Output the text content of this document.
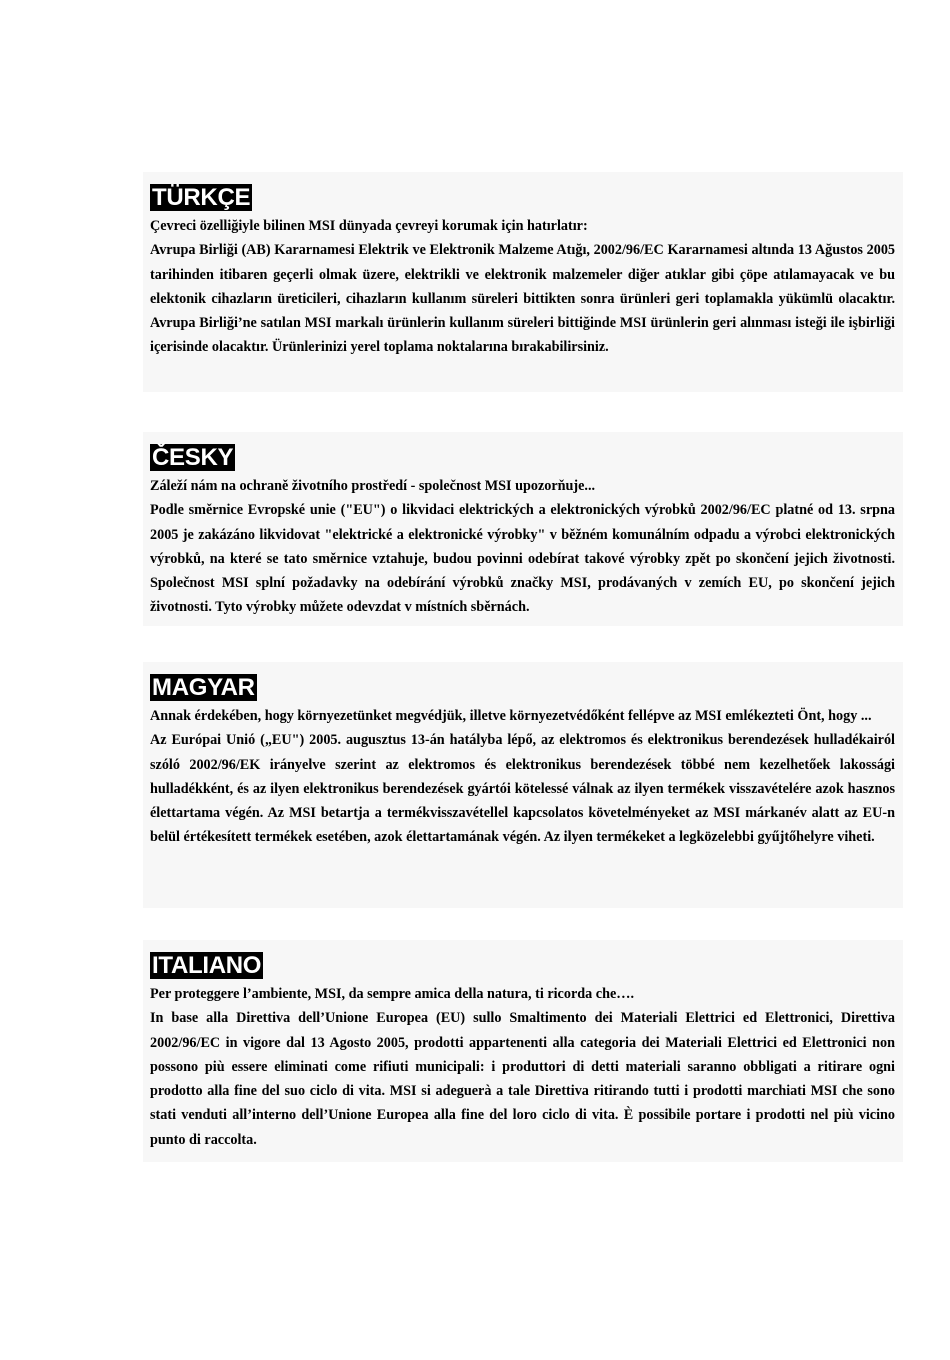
TÜRKÇE

Çevreci özelliğiyle bilinen MSI dünyada çevreyi korumak için hatırlatır:

Avrupa Birliği (AB) Kararnamesi Elektrik ve Elektronik Malzeme Atığı, 2002/96/EC Kararnamesi altında 13 Ağustos 2005 tarihinden itibaren geçerli olmak üzere, elektrikli ve elektronik malzemeler diğer atıklar gibi çöpe atılamayacak ve bu elektonik cihazların üreticileri, cihazların kullanım süreleri bittikten sonra ürünleri geri toplamakla yükümlü olacaktır. Avrupa Birliği’ne satılan MSI markalı ürünlerin kullanım süreleri bittiğinde MSI ürünlerin geri alınması isteği ile işbirliği içerisinde olacaktır. Ürünlerinizi yerel toplama noktalarına bırakabilirsiniz.

ČESKY

Záleží nám na ochraně životního prostředí - společnost MSI upozorňuje...

Podle směrnice Evropské unie ("EU") o likvidaci elektrických a elektronických výrobků 2002/96/EC platné od 13. srpna 2005 je zakázáno likvidovat "elektrické a elektronické výrobky" v běžném komunálním odpadu a výrobci elektronických výrobků, na které se tato směrnice vztahuje, budou povinni odebírat takové výrobky zpět po skončení jejich životnosti. Společnost MSI splní požadavky na odebírání výrobků značky MSI, prodávaných v zemích EU, po skončení jejich životnosti. Tyto výrobky můžete odevzdat v místních sběrnách.

MAGYAR

Annak érdekében, hogy környezetünket megvédjük, illetve környezetvédőként fellépve az MSI emlékezteti Önt, hogy ...

Az Európai Unió („EU") 2005. augusztus 13-án hatályba lépő, az elektromos és elektronikus berendezések hulladékairól szóló 2002/96/EK irányelve szerint az elektromos és elektronikus berendezések többé nem kezelhetőek lakossági hulladékként, és az ilyen elektronikus berendezések gyártói kötelessé válnak az ilyen termékek visszavételére azok hasznos élettartama végén. Az MSI betartja a termékvisszavétellel kapcsolatos követelményeket az MSI márkanév alatt az EU-n belül értékesített termékek esetében, azok élettartamának végén. Az ilyen termékeket a legközelebbi gyűjtőhelyre viheti.

ITALIANO

Per proteggere l’ambiente, MSI, da sempre amica della natura, ti ricorda che….

In base alla Direttiva dell’Unione Europea (EU) sullo Smaltimento dei Materiali Elettrici ed Elettronici, Direttiva 2002/96/EC in vigore dal 13 Agosto 2005, prodotti appartenenti alla categoria dei Materiali Elettrici ed Elettronici non possono più essere eliminati come rifiuti municipali: i produttori di detti materiali saranno obbligati a ritirare ogni prodotto alla fine del suo ciclo di vita. MSI si adeguerà a tale Direttiva ritirando tutti i prodotti marchiati MSI che sono stati venduti all’interno dell’Unione Europea alla fine del loro ciclo di vita. È possibile portare i prodotti nel più vicino punto di raccolta.
